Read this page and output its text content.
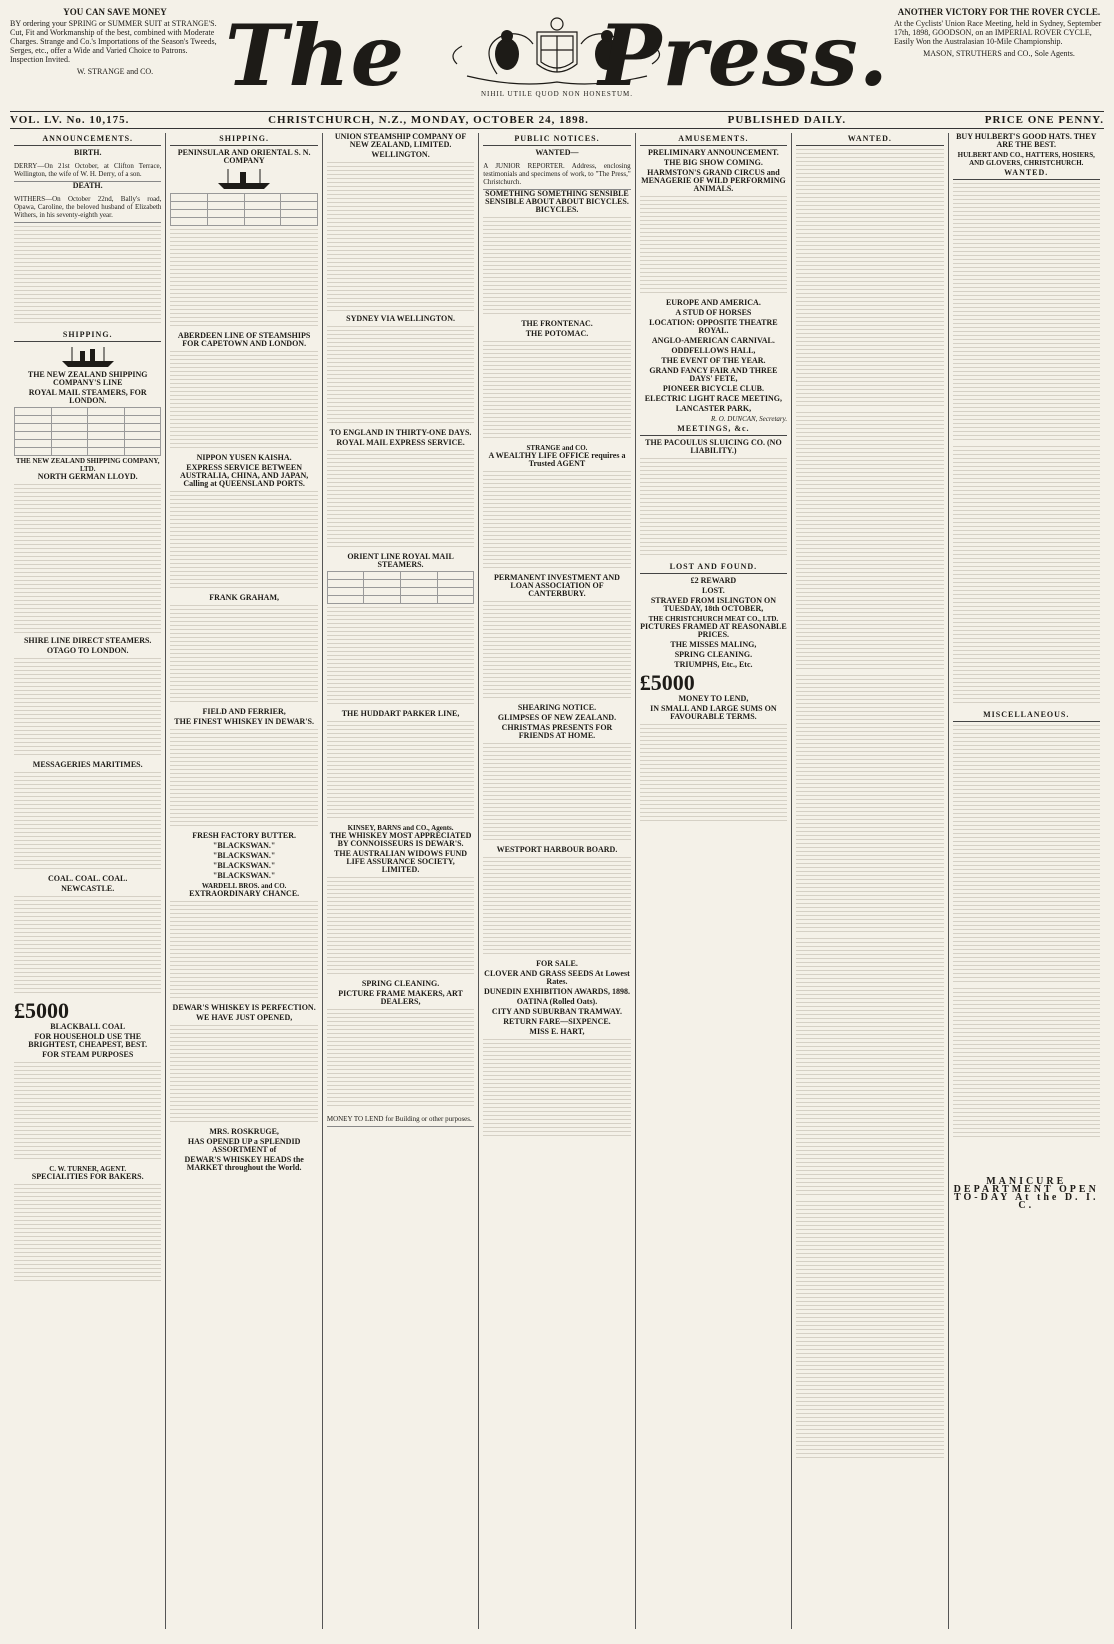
YOU CAN SAVE MONEY
BY ordering your SPRING or SUMMER SUIT at STRANGE'S. Cut, Fit and Workmanship of the best, combined with Moderate Charges. Strange and Co.'s Importations of the Season's Tweeds, Serges, etc., offer a Wide and Varied Choice to Patrons. Inspection Invited.
W. STRANGE and CO. The Press.
NIHIL UTILE QUOD NON HONESTUM.
ANOTHER VICTORY FOR THE ROVER CYCLE.
At the Cyclists' Union Race Meeting, held in Sydney, September 17th, 1898, GOODSON, on an IMPERIAL ROVER CYCLE, Easily Won the Australasian 10-Mile Championship.
MASON, STRUTHERS and CO., Sole Agents.
VOL. LV. No. 10,175.	CHRISTCHURCH, N.Z., MONDAY, OCTOBER 24, 1898.	PUBLISHED DAILY.	PRICE ONE PENNY.
ANNOUNCEMENTS.
BIRTH.
DERRY—On 21st October, at Clifton Terrace, Wellington, the wife of W. H. Derry, of a son.
DEATH.
WITHERS—On October 22nd, Bally's road, Opawa, Caroline, the beloved husband of Elizabeth Withers, in his seventy-eighth year.
SHIPPING.
THE NEW ZEALAND SHIPPING COMPANY'S LINE
ROYAL MAIL STEAMERS, FOR LONDON.

THE NEW ZEALAND SHIPPING COMPANY, LTD.
NORTH GERMAN LLOYD.
SHIRE LINE DIRECT STEAMERS.
OTAGO TO LONDON.
MESSAGERIES MARITIMES.
COAL. COAL. COAL.
NEWCASTLE.
£5000
BLACKBALL COAL
FOR HOUSEHOLD USE THE BRIGHTEST, CHEAPEST, BEST.
FOR STEAM PURPOSES
C. W. TURNER, AGENT.
SPECIALITIES FOR BAKERS.
SHIPPING.
PENINSULAR AND ORIENTAL S. N. COMPANY

ABERDEEN LINE OF STEAMSHIPS FOR CAPETOWN AND LONDON.
NIPPON YUSEN KAISHA.
EXPRESS SERVICE BETWEEN AUSTRALIA, CHINA, AND JAPAN, Calling at QUEENSLAND PORTS.
FRANK GRAHAM,
FIELD AND FERRIER,
THE FINEST WHISKEY IN DEWAR'S.
FRESH FACTORY BUTTER.
"BLACKSWAN."
"BLACKSWAN."
"BLACKSWAN."
"BLACKSWAN."
WARDELL BROS. and CO.
EXTRAORDINARY CHANCE.
DEWAR'S WHISKEY IS PERFECTION.
WE HAVE JUST OPENED,
MRS. ROSKRUGE,
HAS OPENED UP a SPLENDID ASSORTMENT of
DEWAR'S WHISKEY HEADS the MARKET throughout the World.
UNION STEAMSHIP COMPANY OF NEW ZEALAND, LIMITED.
WELLINGTON.
SYDNEY VIA WELLINGTON.
TO ENGLAND IN THIRTY-ONE DAYS.
ROYAL MAIL EXPRESS SERVICE.
ORIENT LINE ROYAL MAIL STEAMERS.

THE HUDDART PARKER LINE,
KINSEY, BARNS and CO., Agents.
THE WHISKEY MOST APPRECIATED BY CONNOISSEURS IS DEWAR'S.
THE AUSTRALIAN WIDOWS FUND LIFE ASSURANCE SOCIETY, LIMITED.
SPRING CLEANING.
PICTURE FRAME MAKERS, ART DEALERS,
MONEY TO LEND for Building or other purposes.
PUBLIC NOTICES.
WANTED—
A JUNIOR REPORTER. Address, enclosing testimonials and specimens of work, to "The Press," Christchurch.
SOMETHING SOMETHING SENSIBLE SENSIBLE ABOUT ABOUT BICYCLES. BICYCLES.
THE FRONTENAC.
THE POTOMAC.
STRANGE and CO.
A WEALTHY LIFE OFFICE requires a Trusted AGENT
PERMANENT INVESTMENT AND LOAN ASSOCIATION OF CANTERBURY.
SHEARING NOTICE.
GLIMPSES OF NEW ZEALAND.
CHRISTMAS PRESENTS FOR FRIENDS AT HOME.
WESTPORT HARBOUR BOARD.
FOR SALE.
CLOVER AND GRASS SEEDS At Lowest Rates.
DUNEDIN EXHIBITION AWARDS, 1898.
OATINA (Rolled Oats).
CITY AND SUBURBAN TRAMWAY.
RETURN FARE—SIXPENCE.
MISS E. HART,
AMUSEMENTS.
PRELIMINARY ANNOUNCEMENT.
THE BIG SHOW COMING.
HARMSTON'S GRAND CIRCUS and MENAGERIE OF WILD PERFORMING ANIMALS.
EUROPE AND AMERICA.
A STUD OF HORSES
LOCATION: OPPOSITE THEATRE ROYAL.
ANGLO-AMERICAN CARNIVAL.
ODDFELLOWS HALL,
THE EVENT OF THE YEAR.
GRAND FANCY FAIR AND THREE DAYS' FETE,
PIONEER BICYCLE CLUB.
ELECTRIC LIGHT RACE MEETING,
LANCASTER PARK,
R. O. DUNCAN, Secretary.
MEETINGS, &c.
THE PACOULUS SLUICING CO. (NO LIABILITY.)
LOST AND FOUND.
£2 REWARD
LOST.
STRAYED FROM ISLINGTON ON TUESDAY, 18th OCTOBER,
THE CHRISTCHURCH MEAT CO., LTD.
PICTURES FRAMED AT REASONABLE PRICES.
THE MISSES MALING,
SPRING CLEANING.
TRIUMPHS, Etc., Etc.
£5000
MONEY TO LEND,
IN SMALL AND LARGE SUMS ON FAVOURABLE TERMS.
WANTED.	BUY HULBERT'S GOOD HATS. THEY ARE THE BEST.
HULBERT AND CO., HATTERS, HOSIERS, AND GLOVERS, CHRISTCHURCH.
WANTED.
MISCELLANEOUS.
MANICURE DEPARTMENT OPEN TO-DAY At the D. I. C.
